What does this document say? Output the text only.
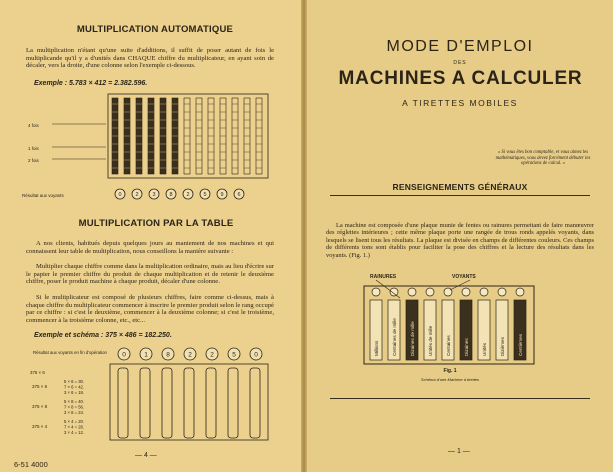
MULTIPLICATION AUTOMATIQUE
La multiplication n'étant qu'une suite d'additions, il suffit de poser autant de fois le multiplicande qu'il y a d'unités dans CHAQUE chiffre du multiplicateur, en ayant soin de décaler, vers la droite, d'une colonne selon l'exemple ci-dessous.
Exemple : 5.783 × 412 = 2.382.596.
0	2	3	8	2	5	9	6
4 fois
1 fois
2 fois
Résultat aux voyants
MULTIPLICATION PAR LA TABLE
A nos clients, habitués depuis quelques jours au maniement de nos machines et qui connaissent leur table de multiplication, nous conseillons la manière suivante :
Multiplier chaque chiffre comme dans la multiplication ordinaire, mais au lieu d'écrire sur le papier le premier chiffre du produit de chaque multiplication et de retenir le deuxième chiffre, poser le produit machine à chaque produit, décaler d'une colonne.
Si le multiplicateur est composé de plusieurs chiffres, faire comme ci-dessus, mais à chaque chiffre du multiplicateur commencer à inscrire le premier produit selon le rang occupé par ce chiffre : si c'est le deuxième, commencer à la deuxième colonne; si c'est le troisième, commencer à la troisième colonne, etc., etc...
Exemple et schéma : 375 × 486 = 182.250.
0	1	8	2	2	5	0
375 × 6
5 × 6 = 30.
7 × 6 = 42.
3 × 6 = 18.
375 × 8
5 × 8 = 40.
7 × 8 = 56.
3 × 8 = 24.
375 × 4
5 × 4 = 20.
7 × 4 = 28.
3 × 4 = 12.
Résultat aux voyants en fin d'opération
375 × 6
— 4 —
6-51 4000
MODE D'EMPLOI
DES
MACHINES A CALCULER
A TIRETTES MOBILES
« Si vous êtes bon comptable, et vous aimez les mathématiques, vous devez forcément débuter les opérations de calcul. »
RENSEIGNEMENTS GÉNÉRAUX
La machine est composée d'une plaque munie de fentes ou rainures permettant de faire manœuvrer des réglettes intérieures ; cette même plaque porte une rangée de trous ronds appelés voyants, dans lesquels se lisent tous les résultats. La plaque est divisée en champs de différentes couleurs. Ces champs de différents tons sont établis pour faciliter la pose des chiffres et la lecture des résultats dans les voyants. (Fig. 1.)
Millions	Centaines de mille	Dizaines de mille	Unités de mille	Centaines	Dizaines	Unités	Dizièmes	Centièmes
RAINURES	VOYANTS
Fig. 1
Schéma d'une Machine à tirettes
— 1 —
